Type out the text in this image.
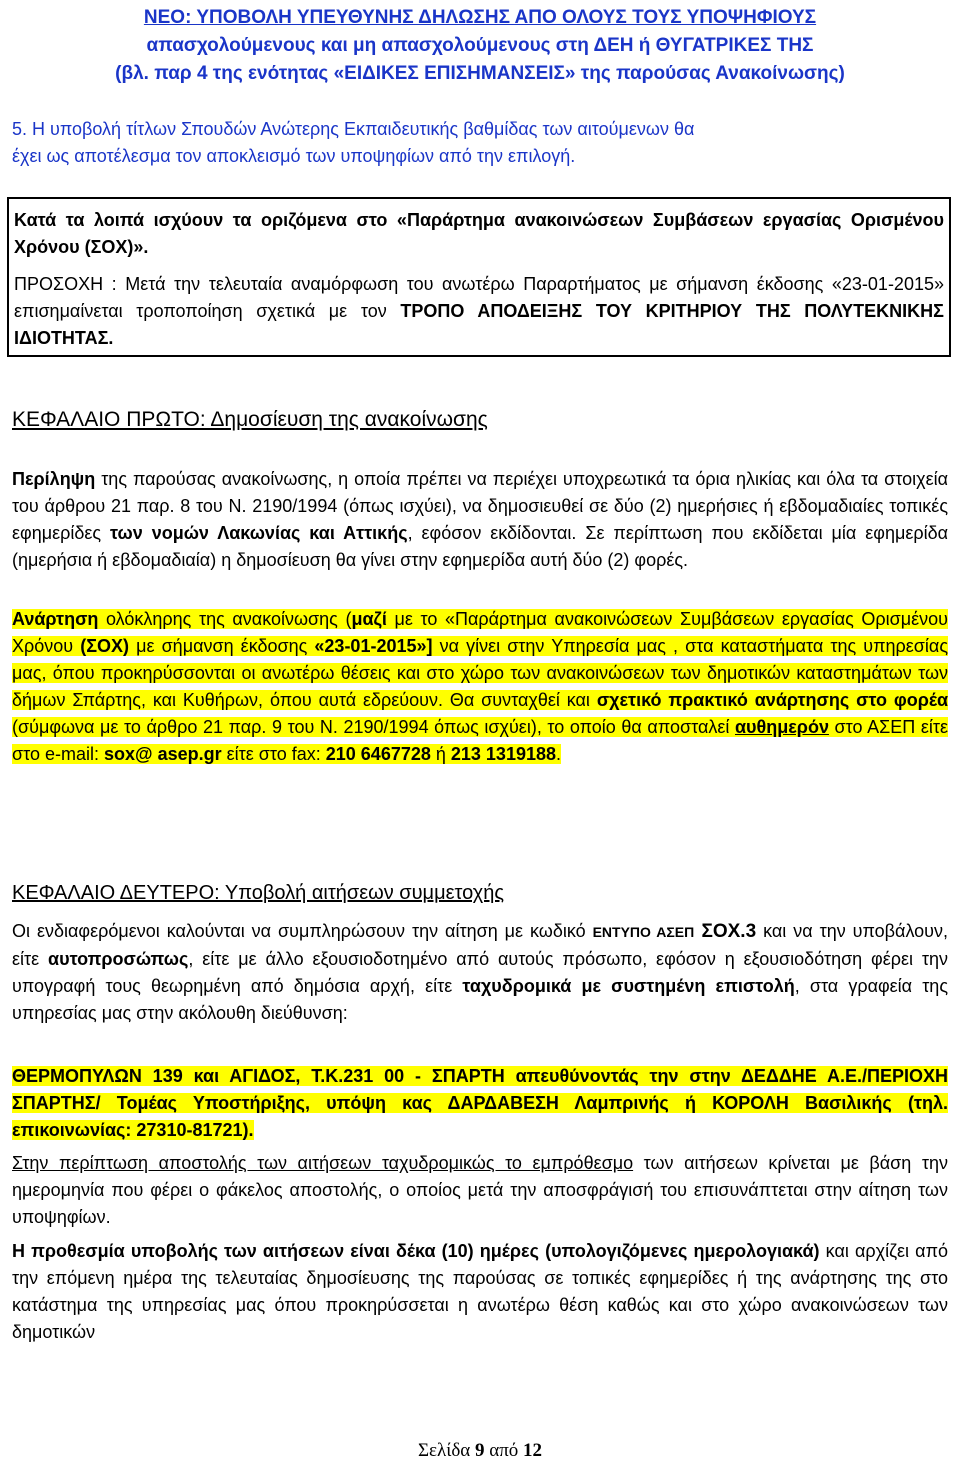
ΝΕΟ: ΥΠΟΒΟΛΗ ΥΠΕΥΘΥΝΗΣ ΔΗΛΩΣΗΣ ΑΠΟ ΟΛΟΥΣ ΤΟΥΣ ΥΠΟΨΗΦΙΟΥΣ
απασχολούμενους και μη απασχολούμενους στη ΔΕΗ ή ΘΥΓΑΤΡΙΚΕΣ ΤΗΣ
(βλ. παρ 4 της ενότητας «ΕΙΔΙΚΕΣ ΕΠΙΣΗΜΑΝΣΕΙΣ» της παρούσας Ανακοίνωσης)
5. Η υποβολή τίτλων Σπουδών Ανώτερης Εκπαιδευτικής βαθμίδας των αιτούμενων θα
έχει ως αποτέλεσμα τον αποκλεισμό των υποψηφίων από την επιλογή.

Κατά τα λοιπά ισχύουν τα οριζόμενα στο «Παράρτημα ανακοινώσεων Συμβάσεων εργασίας Ορισμένου Χρόνου (ΣΟΧ)».

ΠΡΟΣΟΧΗ : Μετά την τελευταία αναμόρφωση του ανωτέρω Παραρτήματος με σήμανση έκδοσης «23-01-2015» επισημαίνεται τροποποίηση σχετικά με τον ΤΡΟΠΟ ΑΠΟΔΕΙΞΗΣ ΤΟΥ ΚΡΙΤΗΡΙΟΥ ΤΗΣ ΠΟΛΥΤΕΚΝΙΚΗΣ ΙΔΙΟΤΗΤΑΣ.

ΚΕΦΑΛΑΙΟ ΠΡΩΤΟ: Δημοσίευση της ανακοίνωσης

Περίληψη της παρούσας ανακοίνωσης, η οποία πρέπει να περιέχει υποχρεωτικά τα όρια ηλικίας και όλα τα στοιχεία του άρθρου 21 παρ. 8 του Ν. 2190/1994 (όπως ισχύει), να δημοσιευθεί σε δύο (2) ημερήσιες ή εβδομαδιαίες τοπικές εφημερίδες των νομών Λακωνίας και Αττικής, εφόσον εκδίδονται. Σε περίπτωση που εκδίδεται μία εφημερίδα (ημερήσια ή εβδομαδιαία) η δημοσίευση θα γίνει στην εφημερίδα αυτή δύο (2) φορές.

Ανάρτηση ολόκληρης της ανακοίνωσης (μαζί με το «Παράρτημα ανακοινώσεων Συμβάσεων εργασίας Ορισμένου Χρόνου (ΣΟΧ) με σήμανση έκδοσης «23-01-2015»] να γίνει στην Υπηρεσία μας , στα καταστήματα της υπηρεσίας μας, όπου προκηρύσσονται οι ανωτέρω θέσεις και στο χώρο των ανακοινώσεων των δημοτικών καταστημάτων των δήμων Σπάρτης, και Κυθήρων, όπου αυτά εδρεύουν. Θα συνταχθεί και σχετικό πρακτικό ανάρτησης στο φορέα (σύμφωνα με το άρθρο 21 παρ. 9 του Ν. 2190/1994 όπως ισχύει), το οποίο θα αποσταλεί αυθημερόν στο ΑΣΕΠ είτε στο e-mail: sox@ asep.gr είτε στο fax: 210 6467728 ή 213 1319188.

ΚΕΦΑΛΑΙΟ ΔΕΥΤΕΡΟ: Υποβολή αιτήσεων συμμετοχής

Οι ενδιαφερόμενοι καλούνται να συμπληρώσουν την αίτηση με κωδικό ΕΝΤΥΠΟ ΑΣΕΠ ΣΟΧ.3 και να την υποβάλουν, είτε αυτοπροσώπως, είτε με άλλο εξουσιοδοτημένο από αυτούς πρόσωπο, εφόσον η εξουσιοδότηση φέρει την υπογραφή τους θεωρημένη από δημόσια αρχή, είτε ταχυδρομικά με συστημένη επιστολή, στα γραφεία της υπηρεσίας μας στην ακόλουθη διεύθυνση:

ΘΕΡΜΟΠΥΛΩΝ 139 και ΑΓΙΔΟΣ, Τ.Κ.231 00 - ΣΠΑΡΤΗ απευθύνοντάς την στην ΔΕΔΔΗΕ Α.Ε./ΠΕΡΙΟΧΗ ΣΠΑΡΤΗΣ/ Τομέας Υποστήριξης, υπόψη κας ΔΑΡΔΑΒΕΣΗ Λαμπρινής ή ΚΟΡΟΛΗ Βασιλικής (τηλ. επικοινωνίας: 27310-81721).

Στην περίπτωση αποστολής των αιτήσεων ταχυδρομικώς το εμπρόθεσμο των αιτήσεων κρίνεται με βάση την ημερομηνία που φέρει ο φάκελος αποστολής, ο οποίος μετά την αποσφράγισή του επισυνάπτεται στην αίτηση των υποψηφίων.

Η προθεσμία υποβολής των αιτήσεων είναι δέκα (10) ημέρες (υπολογιζόμενες ημερολογιακά) και αρχίζει από την επόμενη ημέρα της τελευταίας δημοσίευσης της παρούσας σε τοπικές εφημερίδες ή της ανάρτησης της στο κατάστημα της υπηρεσίας μας όπου προκηρύσσεται η ανωτέρω θέση καθώς και στο χώρο ανακοινώσεων των δημοτικών

Σελίδα 9 από 12
